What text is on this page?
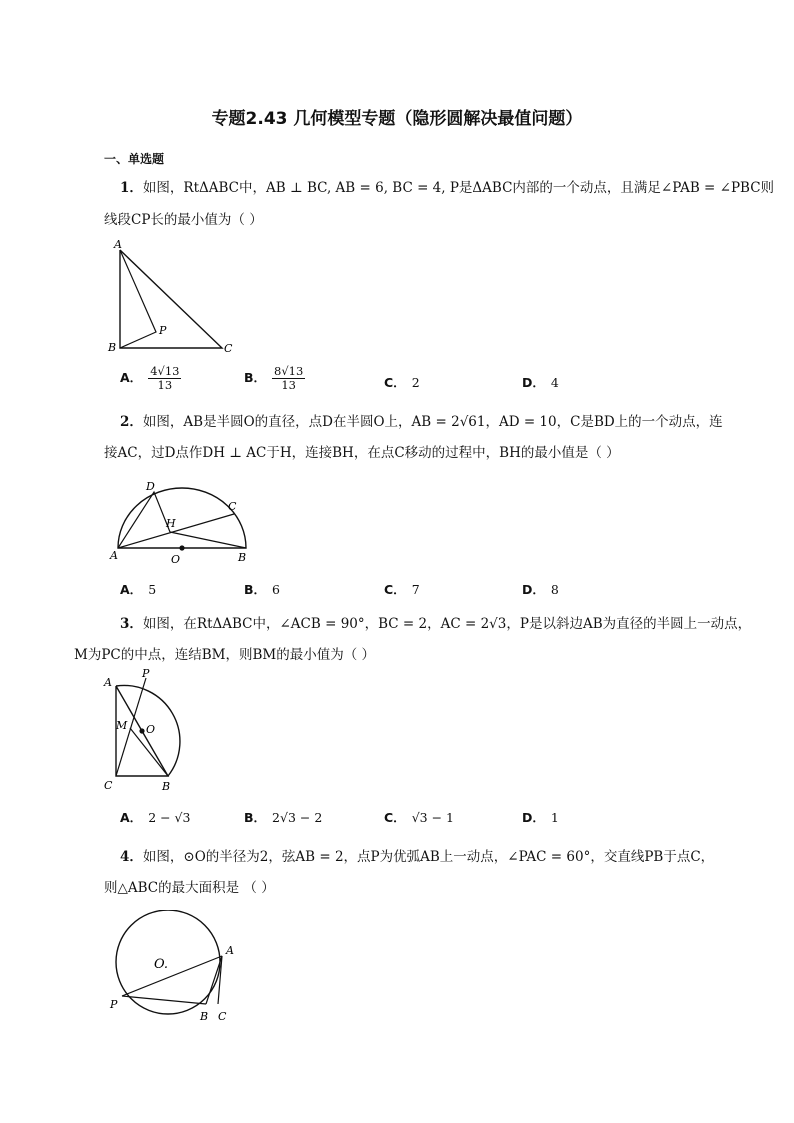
专题2.43 几何模型专题（隐形圆解决最值问题）
一、单选题
1．如图，RtΔABC中，AB ⊥ BC, AB = 6, BC = 4, P是ΔABC内部的一个动点，且满足∠PAB = ∠PBC则
线段CP长的最小值为（ ）
A
B	C
P
A． $\frac{4√13}{13}$	B． $\frac{8√13}{13}$	C． 2	D． 4
2．如图，AB是半圆O的直径，点D在半圆O上，AB = 2√61，AD = 10，C是BD上的一个动点，连
接AC，过D点作DH ⊥ AC于H，连接BH，在点C移动的过程中，BH的最小值是（ ）
D
H
C
A	O	B
A． 5	B． 6	C． 7	D． 8
3．如图，在RtΔABC中，∠ACB = 90°，BC = 2，AC = 2√3，P是以斜边AB为直径的半圆上一动点，
M为PC的中点，连结BM，则BM的最小值为（ ）
A
P
M O
C	B
A． 2 − √3	B． 2√3 − 2	C． √3 − 1	D． 1
4．如图，⊙O的半径为2，弦AB = 2，点P为优弧AB上一动点，∠PAC = 60°，交直线PB于点C，
则△ABC的最大面积是 （ ）
O.
A
P
B C
